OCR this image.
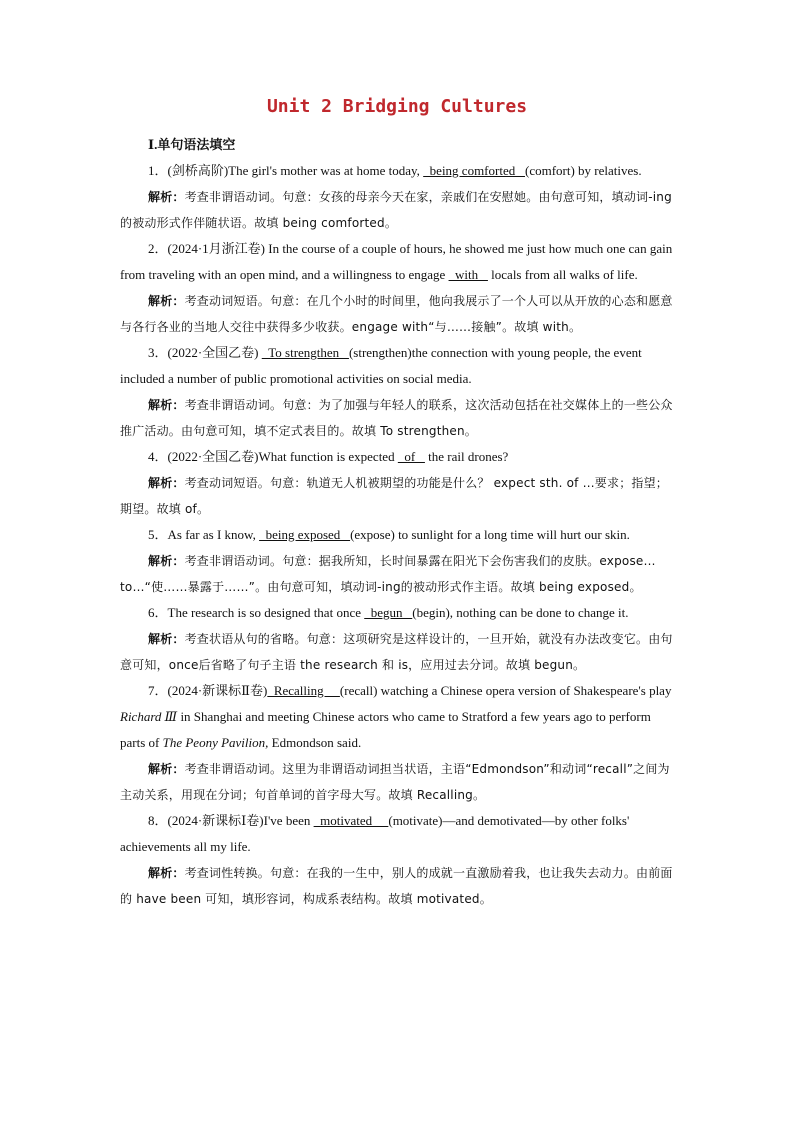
Unit 2 Bridging Cultures
Ⅰ.单句语法填空

1．(剑桥高阶)The girl's mother was at home today,   being comforted   (comfort) by relatives.

解析：考查非谓语动词。句意：女孩的母亲今天在家，亲戚们在安慰她。由句意可知，填动词-ing的被动形式作伴随状语。故填 being comforted。

2．(2024·1月浙江卷) In the course of a couple of hours, he showed me just how much one can gain from traveling with an open mind, and a willingness to engage   with    locals from all walks of life.

解析：考查动词短语。句意：在几个小时的时间里，他向我展示了一个人可以从开放的心态和愿意与各行各业的当地人交往中获得多少收获。engage with“与……接触”。故填 with。

3．(2022·全国乙卷)   To strengthen   (strengthen)the connection with young people, the event included a number of public promotional activities on social media.

解析：考查非谓语动词。句意：为了加强与年轻人的联系，这次活动包括在社交媒体上的一些公众推广活动。由句意可知，填不定式表目的。故填 To strengthen。

4．(2022·全国乙卷)What function is expected   of    the rail drones?

解析：考查动词短语。句意：轨道无人机被期望的功能是什么？ expect sth. of …要求；指望；期望。故填 of。

5．As far as I know,   being exposed   (expose) to sunlight for a long time will hurt our skin.

解析：考查非谓语动词。句意：据我所知，长时间暴露在阳光下会伤害我们的皮肤。expose…to…“使……暴露于……”。由句意可知，填动词-ing的被动形式作主语。故填 being exposed。

6．The research is so designed that once   begun   (begin), nothing can be done to change it.

解析：考查状语从句的省略。句意：这项研究是这样设计的，一旦开始，就没有办法改变它。由句意可知，once后省略了句子主语 the research 和 is，应用过去分词。故填 begun。

7．(2024·新课标Ⅱ卷)  Recalling     (recall) watching a Chinese opera version of Shakespeare's play Richard Ⅲ in Shanghai and meeting Chinese actors who came to Stratford a few years ago to perform parts of The Peony Pavilion, Edmondson said.

解析：考查非谓语动词。这里为非谓语动词担当状语，主语“Edmondson”和动词“recall”之间为主动关系，用现在分词；句首单词的首字母大写。故填 Recalling。

8．(2024·新课标Ⅰ卷)I've been   motivated     (motivate)—and demotivated—by other folks' achievements all my life.

解析：考查词性转换。句意：在我的一生中，别人的成就一直激励着我，也让我失去动力。由前面的 have been 可知，填形容词，构成系表结构。故填 motivated。
